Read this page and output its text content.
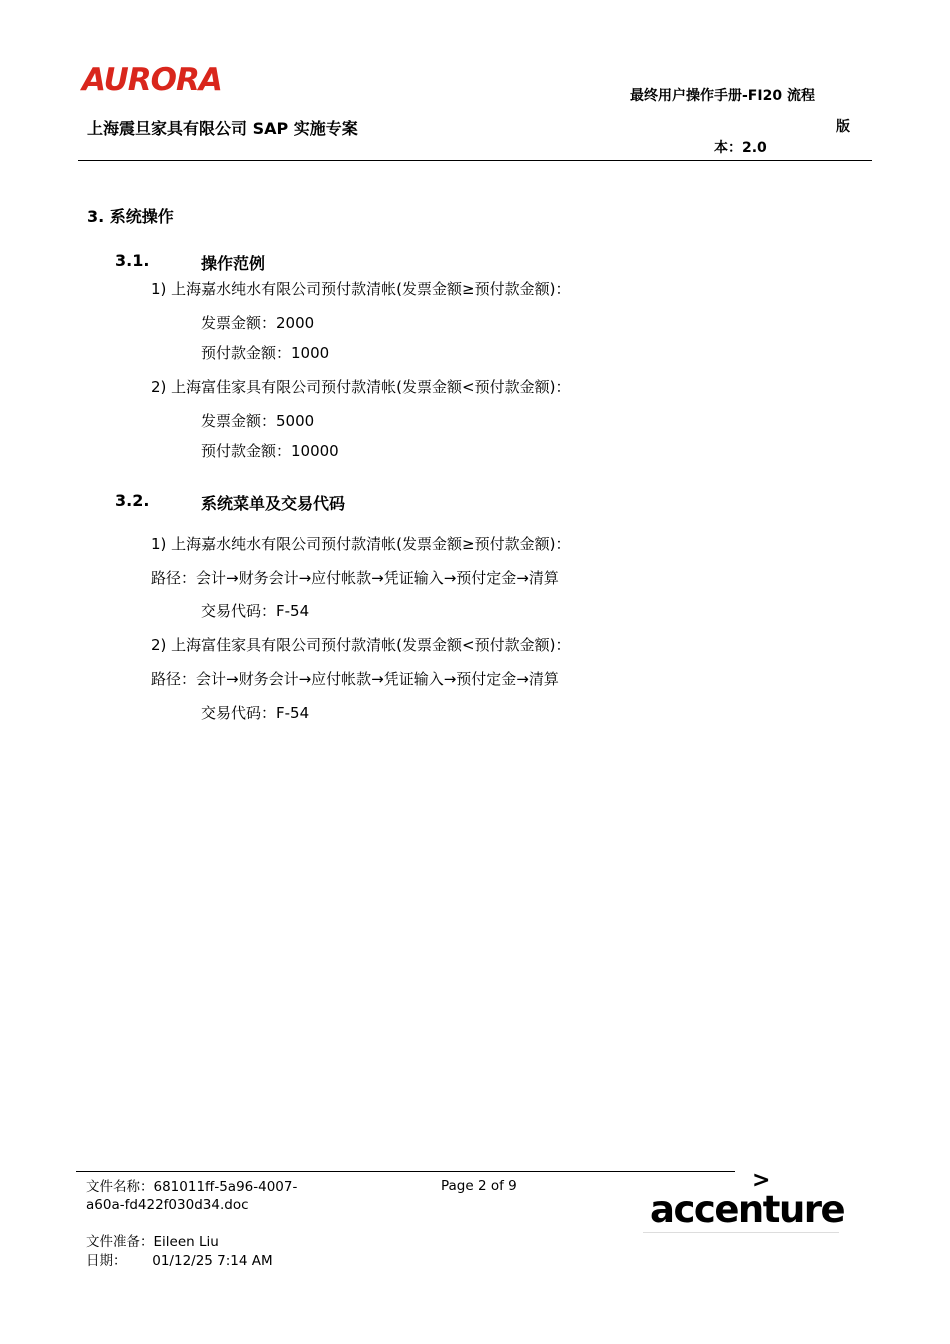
AURORA
上海震旦家具有限公司 SAP 实施专案
最终用户操作手册-FI20 流程
版
本：2.0
3. 系统操作
3.1.	操作范例
1) 上海嘉水纯水有限公司预付款清帐(发票金额≥预付款金额)：
发票金额：2000
预付款金额：1000
2) 上海富佳家具有限公司预付款清帐(发票金额<预付款金额)：
发票金额：5000
预付款金额：10000
3.2.	系统菜单及交易代码
1) 上海嘉水纯水有限公司预付款清帐(发票金额≥预付款金额)：
路径：会计→财务会计→应付帐款→凭证输入→预付定金→清算
交易代码：F-54
2) 上海富佳家具有限公司预付款清帐(发票金额<预付款金额)：
路径：会计→财务会计→应付帐款→凭证输入→预付定金→清算
交易代码：F-54
文件名称：681011ff-5a96-4007-
a60a-fd422f030d34.doc
Page 2 of 9
文件准备：Eileen Liu
日期：      01/12/25 7:14 AM
>
accenture
